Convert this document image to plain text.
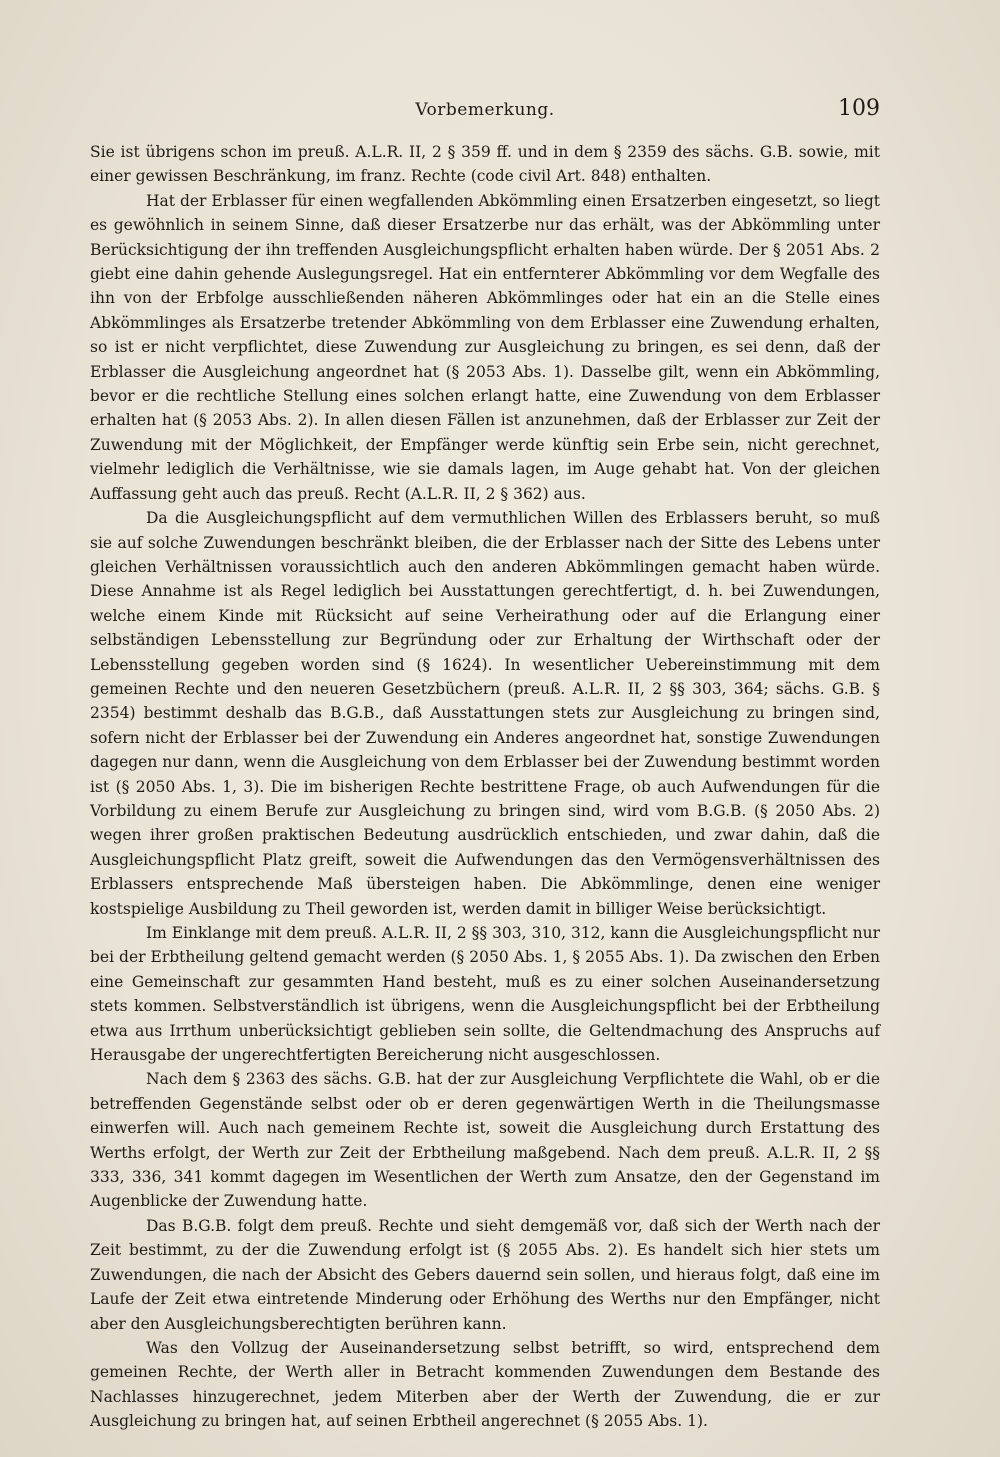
Vorbemerkung.	109

Sie ist übrigens schon im preuß. A.L.R. II, 2 § 359 ff. und in dem § 2359 des sächs. G.B. sowie, mit einer gewissen Beschränkung, im franz. Rechte (code civil Art. 848) enthalten.

Hat der Erblasser für einen wegfallenden Abkömmling einen Ersatzerben eingesetzt, so liegt es gewöhnlich in seinem Sinne, daß dieser Ersatzerbe nur das erhält, was der Abkömmling unter Berücksichtigung der ihn treffenden Ausgleichungspflicht erhalten haben würde. Der § 2051 Abs. 2 giebt eine dahin gehende Auslegungsregel. Hat ein entfernterer Abkömmling vor dem Wegfalle des ihn von der Erbfolge ausschließenden näheren Abkömmlinges oder hat ein an die Stelle eines Abkömmlinges als Ersatzerbe tretender Abkömmling von dem Erblasser eine Zuwendung erhalten, so ist er nicht verpflichtet, diese Zuwendung zur Ausgleichung zu bringen, es sei denn, daß der Erblasser die Ausgleichung angeordnet hat (§ 2053 Abs. 1). Dasselbe gilt, wenn ein Abkömmling, bevor er die rechtliche Stellung eines solchen erlangt hatte, eine Zuwendung von dem Erblasser erhalten hat (§ 2053 Abs. 2). In allen diesen Fällen ist anzunehmen, daß der Erblasser zur Zeit der Zuwendung mit der Möglichkeit, der Empfänger werde künftig sein Erbe sein, nicht gerechnet, vielmehr lediglich die Verhältnisse, wie sie damals lagen, im Auge gehabt hat. Von der gleichen Auffassung geht auch das preuß. Recht (A.L.R. II, 2 § 362) aus.

Da die Ausgleichungspflicht auf dem vermuthlichen Willen des Erblassers beruht, so muß sie auf solche Zuwendungen beschränkt bleiben, die der Erblasser nach der Sitte des Lebens unter gleichen Verhältnissen voraussichtlich auch den anderen Abkömmlingen gemacht haben würde. Diese Annahme ist als Regel lediglich bei Ausstattungen gerechtfertigt, d. h. bei Zuwendungen, welche einem Kinde mit Rücksicht auf seine Verheirathung oder auf die Erlangung einer selbständigen Lebensstellung zur Begründung oder zur Erhaltung der Wirthschaft oder der Lebensstellung gegeben worden sind (§ 1624). In wesentlicher Uebereinstimmung mit dem gemeinen Rechte und den neueren Gesetzbüchern (preuß. A.L.R. II, 2 §§ 303, 364; sächs. G.B. § 2354) bestimmt deshalb das B.G.B., daß Ausstattungen stets zur Ausgleichung zu bringen sind, sofern nicht der Erblasser bei der Zuwendung ein Anderes angeordnet hat, sonstige Zuwendungen dagegen nur dann, wenn die Ausgleichung von dem Erblasser bei der Zuwendung bestimmt worden ist (§ 2050 Abs. 1, 3). Die im bisherigen Rechte bestrittene Frage, ob auch Aufwendungen für die Vorbildung zu einem Berufe zur Ausgleichung zu bringen sind, wird vom B.G.B. (§ 2050 Abs. 2) wegen ihrer großen praktischen Bedeutung ausdrücklich entschieden, und zwar dahin, daß die Ausgleichungspflicht Platz greift, soweit die Aufwendungen das den Vermögensverhältnissen des Erblassers entsprechende Maß übersteigen haben. Die Abkömmlinge, denen eine weniger kostspielige Ausbildung zu Theil geworden ist, werden damit in billiger Weise berücksichtigt.

Im Einklange mit dem preuß. A.L.R. II, 2 §§ 303, 310, 312, kann die Ausgleichungspflicht nur bei der Erbtheilung geltend gemacht werden (§ 2050 Abs. 1, § 2055 Abs. 1). Da zwischen den Erben eine Gemeinschaft zur gesammten Hand besteht, muß es zu einer solchen Auseinandersetzung stets kommen. Selbstverständlich ist übrigens, wenn die Ausgleichungspflicht bei der Erbtheilung etwa aus Irrthum unberücksichtigt geblieben sein sollte, die Geltendmachung des Anspruchs auf Herausgabe der ungerechtfertigten Bereicherung nicht ausgeschlossen.

Nach dem § 2363 des sächs. G.B. hat der zur Ausgleichung Verpflichtete die Wahl, ob er die betreffenden Gegenstände selbst oder ob er deren gegenwärtigen Werth in die Theilungsmasse einwerfen will. Auch nach gemeinem Rechte ist, soweit die Ausgleichung durch Erstattung des Werths erfolgt, der Werth zur Zeit der Erbtheilung maßgebend. Nach dem preuß. A.L.R. II, 2 §§ 333, 336, 341 kommt dagegen im Wesentlichen der Werth zum Ansatze, den der Gegenstand im Augenblicke der Zuwendung hatte.

Das B.G.B. folgt dem preuß. Rechte und sieht demgemäß vor, daß sich der Werth nach der Zeit bestimmt, zu der die Zuwendung erfolgt ist (§ 2055 Abs. 2). Es handelt sich hier stets um Zuwendungen, die nach der Absicht des Gebers dauernd sein sollen, und hieraus folgt, daß eine im Laufe der Zeit etwa eintretende Minderung oder Erhöhung des Werths nur den Empfänger, nicht aber den Ausgleichungsberechtigten berühren kann.

Was den Vollzug der Auseinandersetzung selbst betrifft, so wird, entsprechend dem gemeinen Rechte, der Werth aller in Betracht kommenden Zuwendungen dem Bestande des Nachlasses hinzugerechnet, jedem Miterben aber der Werth der Zuwendung, die er zur Ausgleichung zu bringen hat, auf seinen Erbtheil angerechnet (§ 2055 Abs. 1).
